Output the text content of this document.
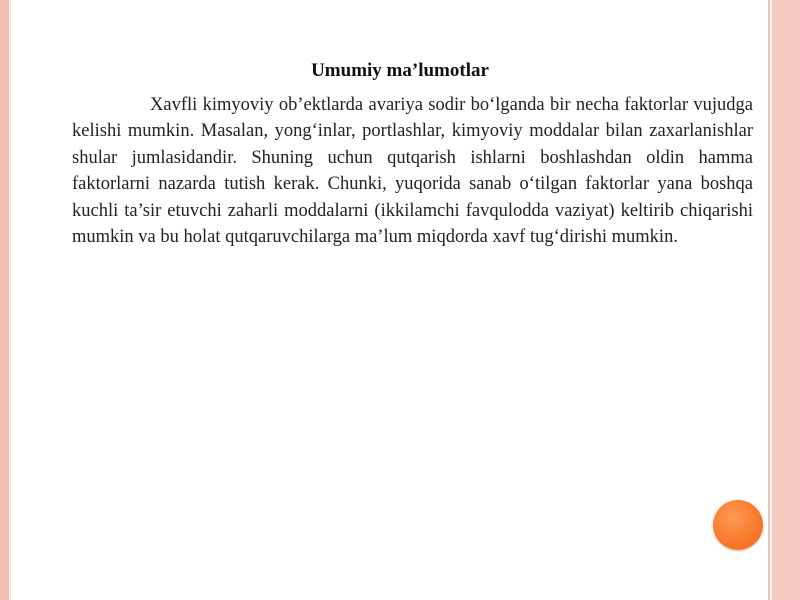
Umumiy ma’lumotlar

Xavfli kimyoviy ob’ektlarda avariya sodir bo‘lganda bir necha faktorlar vujudga kelishi mumkin. Masalan, yong‘inlar, portlashlar, kimyoviy moddalar bilan zaxarlanishlar shular jumlasidandir. Shuning uchun qutqarish ishlarni boshlashdan oldin hamma faktorlarni nazarda tutish kerak. Chunki, yuqorida sanab o‘tilgan faktorlar yana boshqa kuchli ta’sir etuvchi zaharli moddalarni (ikkilamchi favqulodda vaziyat) keltirib chiqarishi mumkin va bu holat qutqaruvchilarga ma’lum miqdorda xavf tug‘dirishi mumkin.
